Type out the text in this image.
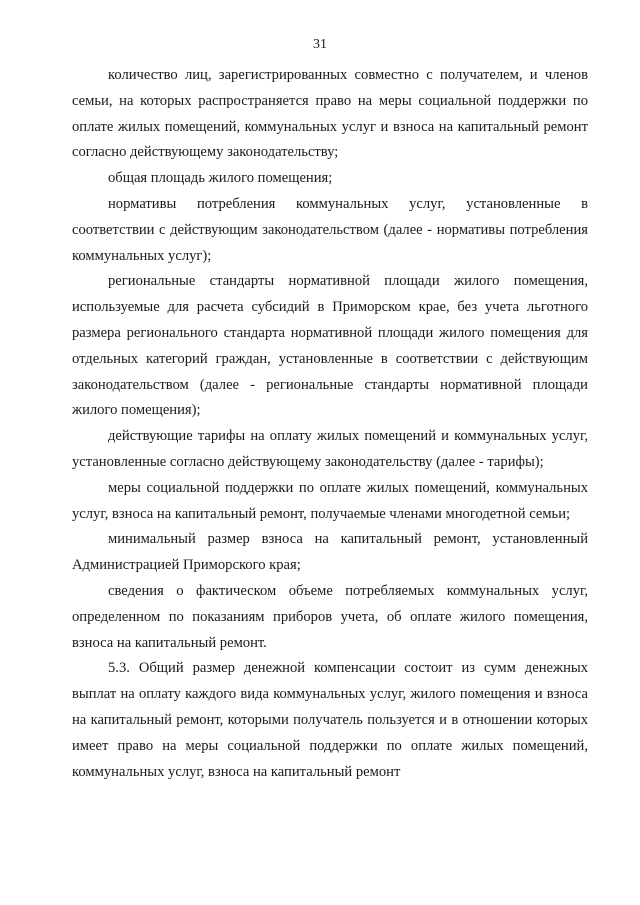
31

количество лиц, зарегистрированных совместно с получателем, и членов семьи, на которых распространяется право на меры социальной поддержки по оплате жилых помещений, коммунальных услуг и взноса на капитальный ремонт согласно действующему законодательству;

общая площадь жилого помещения;

нормативы потребления коммунальных услуг, установленные в соответствии с действующим законодательством (далее - нормативы потребления коммунальных услуг);

региональные стандарты нормативной площади жилого помещения, используемые для расчета субсидий в Приморском крае, без учета льготного размера регионального стандарта нормативной площади жилого помещения для отдельных категорий граждан, установленные в соответствии с действующим законодательством (далее - региональные стандарты нормативной площади жилого помещения);

действующие тарифы на оплату жилых помещений и коммунальных услуг, установленные согласно действующему законодательству (далее - тарифы);

меры социальной поддержки по оплате жилых помещений, коммунальных услуг, взноса на капитальный ремонт, получаемые членами многодетной семьи;

минимальный размер взноса на капитальный ремонт, установленный Администрацией Приморского края;

сведения о фактическом объеме потребляемых коммунальных услуг, определенном по показаниям приборов учета, об оплате жилого помещения, взноса на капитальный ремонт.

5.3. Общий размер денежной компенсации состоит из сумм денежных выплат на оплату каждого вида коммунальных услуг, жилого помещения и взноса на капитальный ремонт, которыми получатель пользуется и в отношении которых имеет право на меры социальной поддержки по оплате жилых помещений, коммунальных услуг, взноса на капитальный ремонт
